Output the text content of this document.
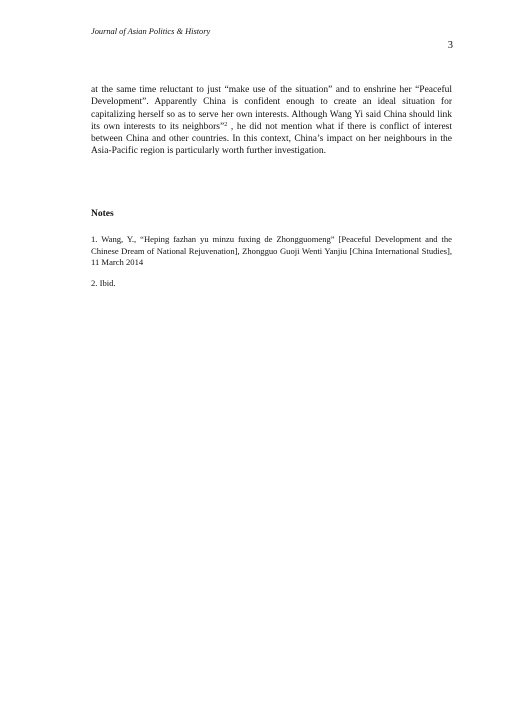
Journal of Asian Politics & History
3

at the same time reluctant to just “make use of the situation” and to enshrine her “Peaceful Development”. Apparently China is confident enough to create an ideal situation for capitalizing herself so as to serve her own interests. Although Wang Yi said China should link its own interests to its neighbors”$^2$ , he did not mention what if there is conflict of interest between China and other countries. In this context, China’s impact on her neighbours in the Asia-Pacific region is particularly worth further investigation.

Notes

1. Wang, Y., “Heping fazhan yu minzu fuxing de Zhongguomeng” [Peaceful Development and the Chinese Dream of National Rejuvenation], Zhongguo Guoji Wenti Yanjiu [China International Studies], 11 March 2014

2. Ibid.
